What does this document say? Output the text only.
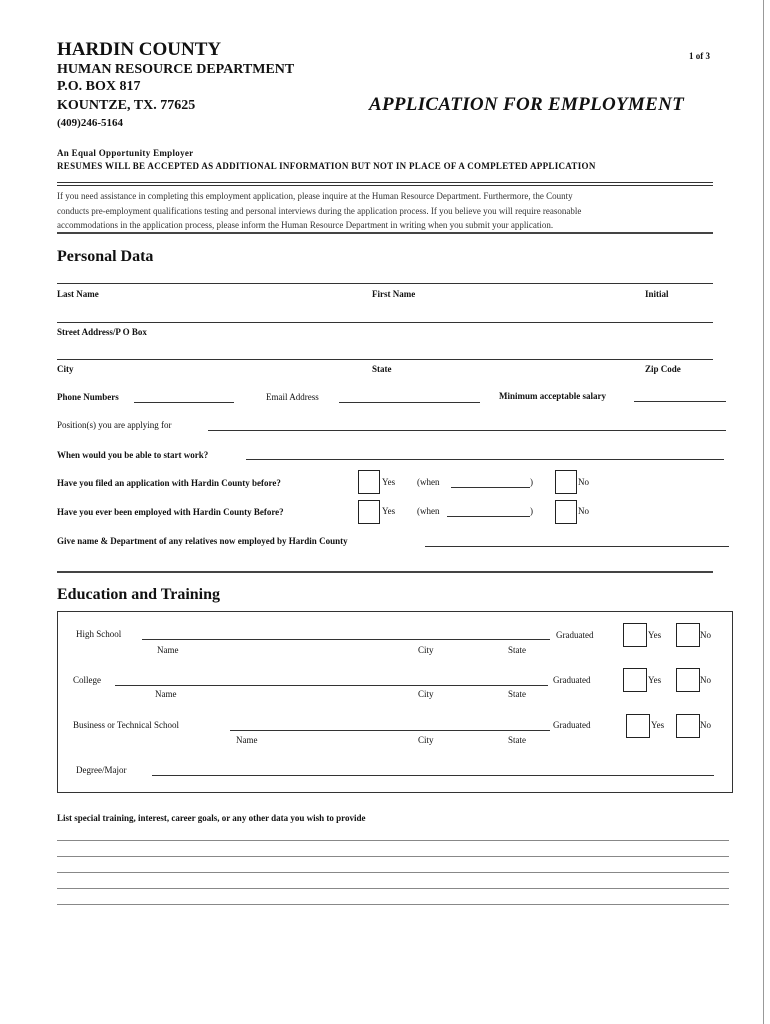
HARDIN COUNTY
HUMAN RESOURCE DEPARTMENT
P.O. BOX 817
KOUNTZE, TX. 77625
(409)246-5164
1 of 3
APPLICATION FOR EMPLOYMENT
An Equal Opportunity Employer
RESUMES WILL BE ACCEPTED AS ADDITIONAL INFORMATION BUT NOT IN PLACE OF A COMPLETED APPLICATION
If you need assistance in completing this employment application, please inquire at the Human Resource Department. Furthermore, the County
conducts pre-employment qualifications testing and personal interviews during the application process. If you believe you will require reasonable
accommodations in the application process, please inform the Human Resource Department in writing when you submit your application.
Personal Data
Last Name	First Name	Initial
Street Address/P O Box
City	State	Zip Code
Phone Numbers	Email Address	Minimum acceptable salary
Position(s) you are applying for
When would you be able to start work?
Have you filed an application with Hardin County before?	Yes (when	)	No
Have you ever been employed with Hardin County Before?	Yes (when	)	No
Give name & Department of any relatives now employed by Hardin County
Education and Training
High School
Name	City	State
Graduated	Yes	No
College
Name	City	State
Graduated	Yes	No
Business or Technical School
Name	City	State
Graduated	Yes	No
Degree/Major
List special training, interest, career goals, or any other data you wish to provide
